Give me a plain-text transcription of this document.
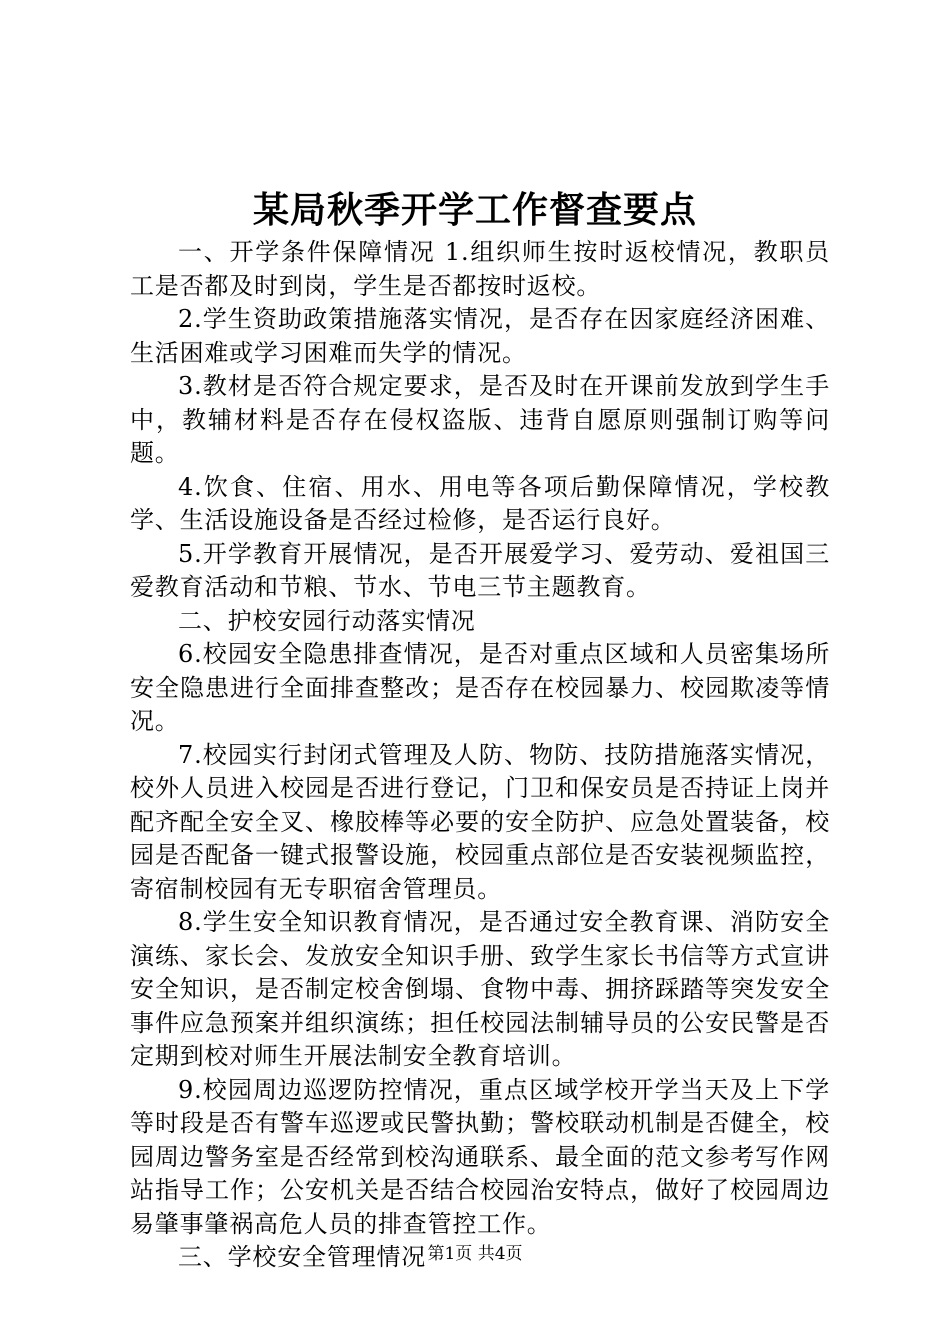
某局秋季开学工作督查要点

一、开学条件保障情况 1.组织师生按时返校情况，教职员工是否都及时到岗，学生是否都按时返校。

2.学生资助政策措施落实情况，是否存在因家庭经济困难、生活困难或学习困难而失学的情况。

3.教材是否符合规定要求，是否及时在开课前发放到学生手中，教辅材料是否存在侵权盗版、违背自愿原则强制订购等问题。

4.饮食、住宿、用水、用电等各项后勤保障情况，学校教学、生活设施设备是否经过检修，是否运行良好。

5.开学教育开展情况，是否开展爱学习、爱劳动、爱祖国三爱教育活动和节粮、节水、节电三节主题教育。

二、护校安园行动落实情况

6.校园安全隐患排查情况，是否对重点区域和人员密集场所安全隐患进行全面排查整改；是否存在校园暴力、校园欺凌等情况。

7.校园实行封闭式管理及人防、物防、技防措施落实情况，校外人员进入校园是否进行登记，门卫和保安员是否持证上岗并配齐配全安全叉、橡胶棒等必要的安全防护、应急处置装备，校园是否配备一键式报警设施，校园重点部位是否安装视频监控，寄宿制校园有无专职宿舍管理员。

8.学生安全知识教育情况，是否通过安全教育课、消防安全演练、家长会、发放安全知识手册、致学生家长书信等方式宣讲安全知识，是否制定校舍倒塌、食物中毒、拥挤踩踏等突发安全事件应急预案并组织演练；担任校园法制辅导员的公安民警是否定期到校对师生开展法制安全教育培训。

9.校园周边巡逻防控情况，重点区域学校开学当天及上下学等时段是否有警车巡逻或民警执勤；警校联动机制是否健全，校园周边警务室是否经常到校沟通联系、最全面的范文参考写作网站指导工作；公安机关是否结合校园治安特点，做好了校园周边易肇事肇祸高危人员的排查管控工作。

三、学校安全管理情况 第1页 共4页
